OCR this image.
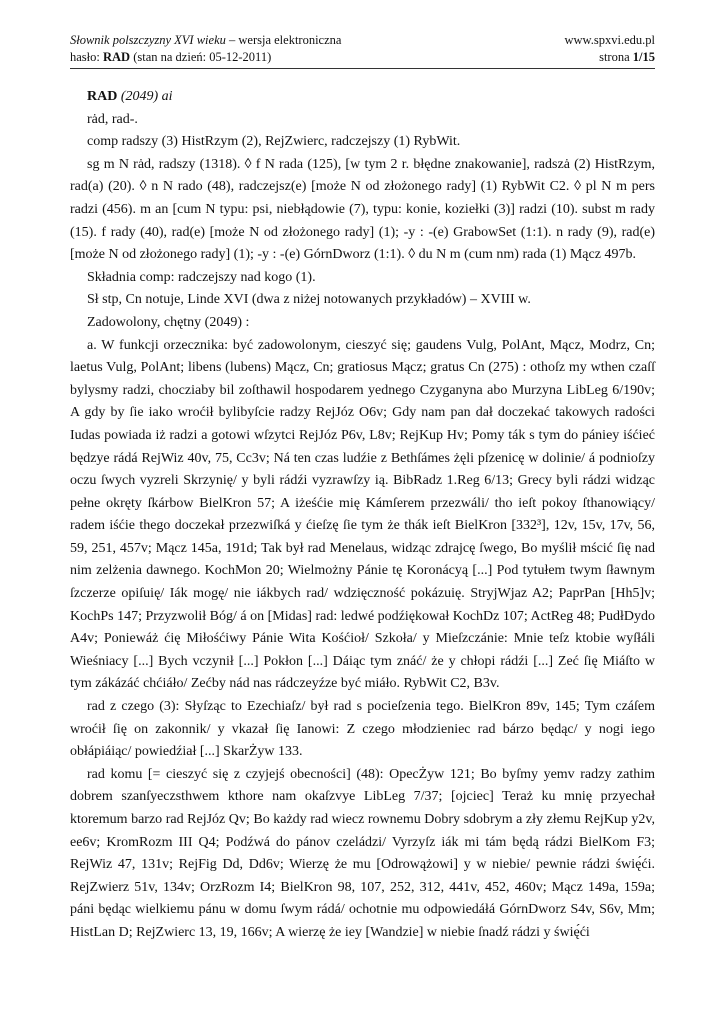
Słownik polszczyzny XVI wieku – wersja elektroniczna	www.spxvi.edu.pl
hasło: RAD (stan na dzień: 05-12-2011)	strona 1/15

RAD (2049) ai

rȧd, rad-.

comp radszy (3) HistRzym (2), RejZwierc, radczejszy (1) RybWit.

sg m N rȧd, radszy (1318). ◊ f N rada (125), [w tym 2 r. błędne znakowanie], radszȧ (2) HistRzym, rad(a) (20). ◊ n N rado (48), radczejsz(e) [może N od złożonego rady] (1) RybWit C2. ◊ pl N m pers radzi (456). m an [cum N typu: psi, niebłądowie (7), typu: konie, koziełki (3)] radzi (10). subst m rady (15). f rady (40), rad(e) [może N od złożonego rady] (1); -y : -(e) GrabowSet (1:1). n rady (9), rad(e) [może N od złożonego rady] (1); -y : -(e) GórnDworz (1:1). ◊ du N m (cum nm) rada (1) Mącz 497b.

Składnia comp: radczejszy nad kogo (1).

Sł stp, Cn notuje, Linde XVI (dwa z niżej notowanych przykładów) – XVIII w.

Zadowolony, chętny (2049) :

a. W funkcji orzecznika: być zadowolonym, cieszyć się; gaudens Vulg, PolAnt, Mącz, Modrz, Cn; laetus Vulg, PolAnt; libens (lubens) Mącz, Cn; gratiosus Mącz; gratus Cn (275) : othoſz my wthen czaſſ bylysmy radzi, chocziaby bil zoſthawil hospodarem yednego Czyganyna abo Murzyna LibLeg 6/190v; A gdy by ſie iako wroćił bylibyſcie radzy RejJóz O6v; Gdy nam pan dał doczekać takowych radości Iudas powiada iż radzi a gotowi wſzytci RejJóz P6v, L8v; RejKup Hv; Pomy ták s tym do pániey iśćieć będzye rádá RejWiz 40v, 75, Cc3v; Ná ten czas ludźie z Bethſámes żęli pſzenicę w dolinie/ á podnioſzy oczu ſwych vyzreli Skrzynię/ y byli rádźi vyzrawſzy ią. BibRadz 1.Reg 6/13; Grecy byli rádzi widząc pełne okręty ſkárbow BielKron 57; A iżeśćie mię Kámſerem przezwáli/ tho ieſt pokoy ſthanowiący/ radem iśćie thego doczekał przezwiſká y ćieſzę ſie tym że thák ieſt BielKron [332³], 12v, 15v, 17v, 56, 59, 251, 457v; Mącz 145a, 191d; Tak był rad Menelaus, widząc zdrajcę ſwego, Bo myślił mścić ſię nad nim zelżenia dawnego. KochMon 20; Wielmożny Pánie tę Koronácyą [...] Pod tytułem twym ſławnym ſzczerze opiſuię/ Iák mogę/ nie iákbych rad/ wdzięczność pokázuię. StryjWjaz A2; PaprPan [Hh5]v; KochPs 147; Przyzwolił Bóg/ á on [Midas] rad: ledwé podźiękował KochDz 107; ActReg 48; PudłDydo A4v; Poniewáż ćię Miłośćiwy Pánie Wita Kośćioł/ Szkoła/ y Mieſzczánie: Mnie teſz ktobie wyſłáli Wieśniacy [...] Bych vczynił [...] Pokłon [...] Dáiąc tym znáć/ że y chłopi rádźi [...] Zeć ſię Miáſto w tym zákázáć chćiáło/ Zećby nád nas rádczeyźze być miáło. RybWit C2, B3v.

rad z czego (3): Słyſząc to Ezechiaſz/ był rad s pocieſzenia tego. BielKron 89v, 145; Tym czáſem wroćił ſię on zakonnik/ y vkazał ſię Ianowi: Z czego młodzieniec rad bárzo będąc/ y nogi iego obłápiáiąc/ powiedźiał [...] SkarŻyw 133.

rad komu [= cieszyć się z czyjejś obecności] (48): OpecŻyw 121; Bo byſmy yemv radzy zathim dobrem szanſyeczsthwem kthore nam okaſzvye LibLeg 7/37; [ojciec] Teraż ku mnię przyechał ktoremum barzo rad RejJóz Qv; Bo każdy rad wiecz rownemu Dobry sdobrym a zły złemu RejKup y2v, ee6v; KromRozm III Q4; Podźwá do pánov czeládzi/ Vyrzyſz iák mi tám będą rádzi BielKom F3; RejWiz 47, 131v; RejFig Dd, Dd6v; Wierzę że mu [Odrowążowi] y w niebie/ pewnie rádzi świę́ći. RejZwierz 51v, 134v; OrzRozm I4; BielKron 98, 107, 252, 312, 441v, 452, 460v; Mącz 149a, 159a; páni będąc wielkiemu pánu w domu ſwym rádá/ ochotnie mu odpowiedáłá GórnDworz S4v, S6v, Mm; HistLan D; RejZwierc 13, 19, 166v; A wierzę że iey [Wandzie] w niebie ſnadź rádzi y świę́ći
